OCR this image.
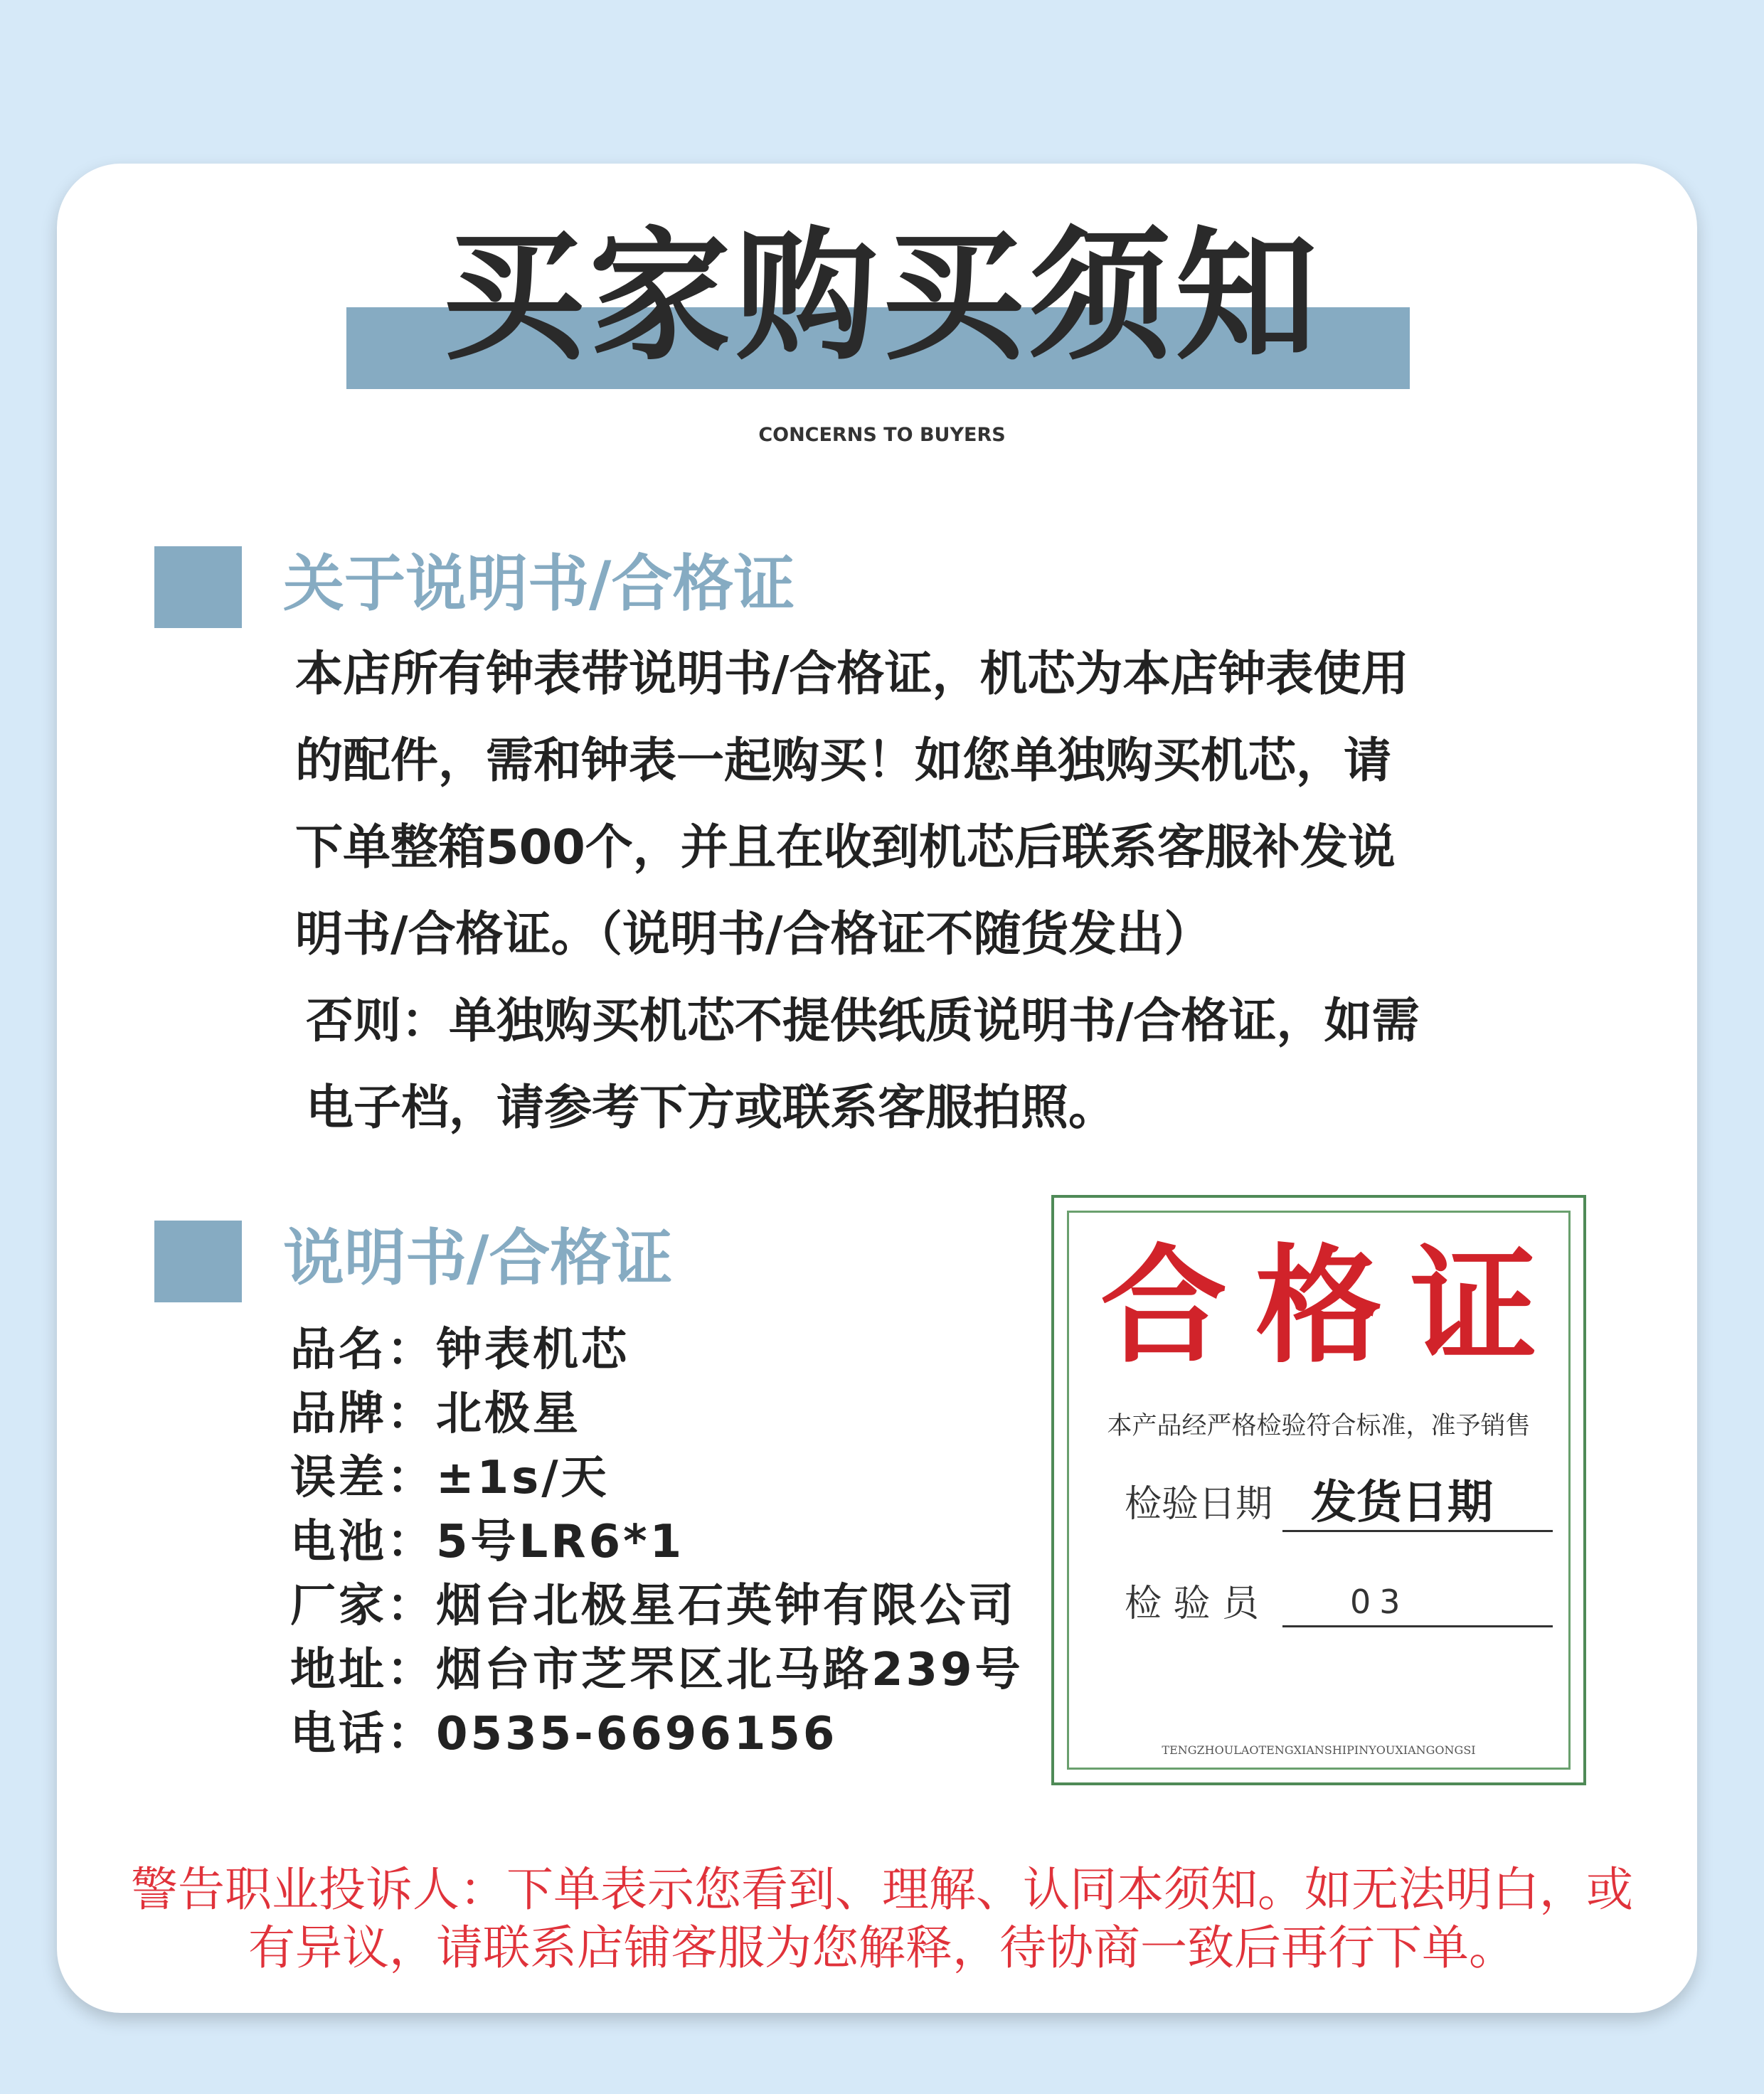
买家购买须知
CONCERNS TO BUYERS
关于说明书/合格证
本店所有钟表带说明书/合格证，机芯为本店钟表使用
的配件，需和钟表一起购买！如您单独购买机芯，请
下单整箱500个，并且在收到机芯后联系客服补发说
明书/合格证。（说明书/合格证不随货发出）
否则：单独购买机芯不提供纸质说明书/合格证，如需
电子档，请参考下方或联系客服拍照。
说明书/合格证
品名：钟表机芯
品牌：北极星
误差：±1s/天
电池：5号LR6*1
厂家：烟台北极星石英钟有限公司
地址：烟台市芝罘区北马路239号
电话：0535-6696156
合格证
本产品经严格检验符合标准，准予销售
检验日期 发货日期
检 验 员	03
TENGZHOULAOTENGXIANSHIPINYOUXIANGONGSI
警告职业投诉人：下单表示您看到、理解、认同本须知。如无法明白，或
有异议，请联系店铺客服为您解释，待协商一致后再行下单。
